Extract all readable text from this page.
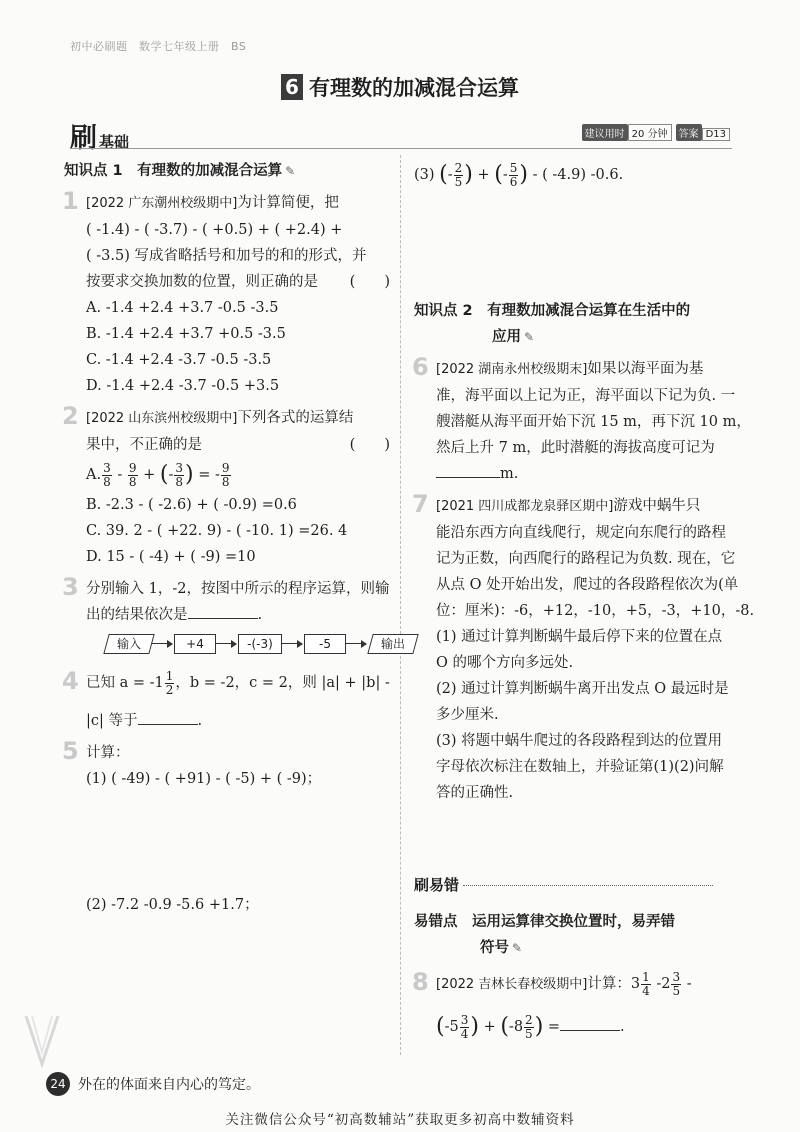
初中必刷题　数学七年级上册　BS
6 有理数的加减混合运算
刷基础	建议用时 20 分钟 答案 D13
知识点 1　有理数的加减混合运算 ✎
1 [2022 广东潮州校级期中]为计算简便，把
( -1.4) - ( -3.7) - ( +0.5) + ( +2.4) +
( -3.5) 写成省略括号和加号的和的形式，并
按要求交换加数的位置，则正确的是 (　　)
A. -1.4 +2.4 +3.7 -0.5 -3.5
B. -1.4 +2.4 +3.7 +0.5 -3.5
C. -1.4 +2.4 -3.7 -0.5 -3.5
D. -1.4 +2.4 -3.7 -0.5 +3.5
2 [2022 山东滨州校级期中]下列各式的运算结
果中，不正确的是	(　　)
A. $\frac{3}{8} - \frac{9}{8}$ + (- $\frac{3}{8}$ ) = - $\frac{9}{8}$
B. -2.3 - ( -2.6) + ( -0.9) =0.6
C. 39. 2 - ( +22. 9) - ( -10. 1) =26. 4
D. 15 - ( -4) + ( -9) =10
3 分别输入 1，-2，按图中所示的程序运算，则输
出的结果依次是	.
输入	+4	-(-3)	-5	输出
4 已知 $a = -1 \frac{1}{2}$ ，b = -2，c = 2，则 |a| + |b| -
|c| 等于	.
5 计算：
(1) ( -49) - ( +91) - ( -5) + ( -9)；
(2) -7.2 -0.9 -5.6 +1.7；
(3) (- $\frac{2}{5}$ ) + (- $\frac{5}{6}$ ) - ( -4.9) -0.6.
知识点 2　有理数加减混合运算在生活中的
应用 ✎
6 [2022 湖南永州校级期末]如果以海平面为基
准，海平面以上记为正，海平面以下记为负. 一
艘潜艇从海平面开始下沉 15 m，再下沉 10 m，
然后上升 7 m，此时潜艇的海拔高度可记为
m.
7 [2021 四川成都龙泉驿区期中]游戏中蜗牛只
能沿东西方向直线爬行，规定向东爬行的路程
记为正数，向西爬行的路程记为负数. 现在，它
从点 O 处开始出发，爬过的各段路程依次为(单
位：厘米)：-6，+12，-10，+5，-3，+10，-8.
(1) 通过计算判断蜗牛最后停下来的位置在点
O 的哪个方向多远处.
(2) 通过计算判断蜗牛离开出发点 O 最远时是
多少厘米.
(3) 将题中蜗牛爬过的各段路程到达的位置用
字母依次标注在数轴上，并验证第(1)(2)问解
答的正确性.
刷易错
易错点　运用运算律交换位置时，易弄错
符号 ✎
8 [2022 吉林长春校级期中]计算：$3 \frac{1}{4} -2 \frac{3}{5}$ -
($-5 \frac{3}{4}$ ) + ($-8 \frac{2}{5}$ ) =	.
24 外在的体面来自内心的笃定。
关注微信公众号“初高数辅站”获取更多初高中数辅资料
